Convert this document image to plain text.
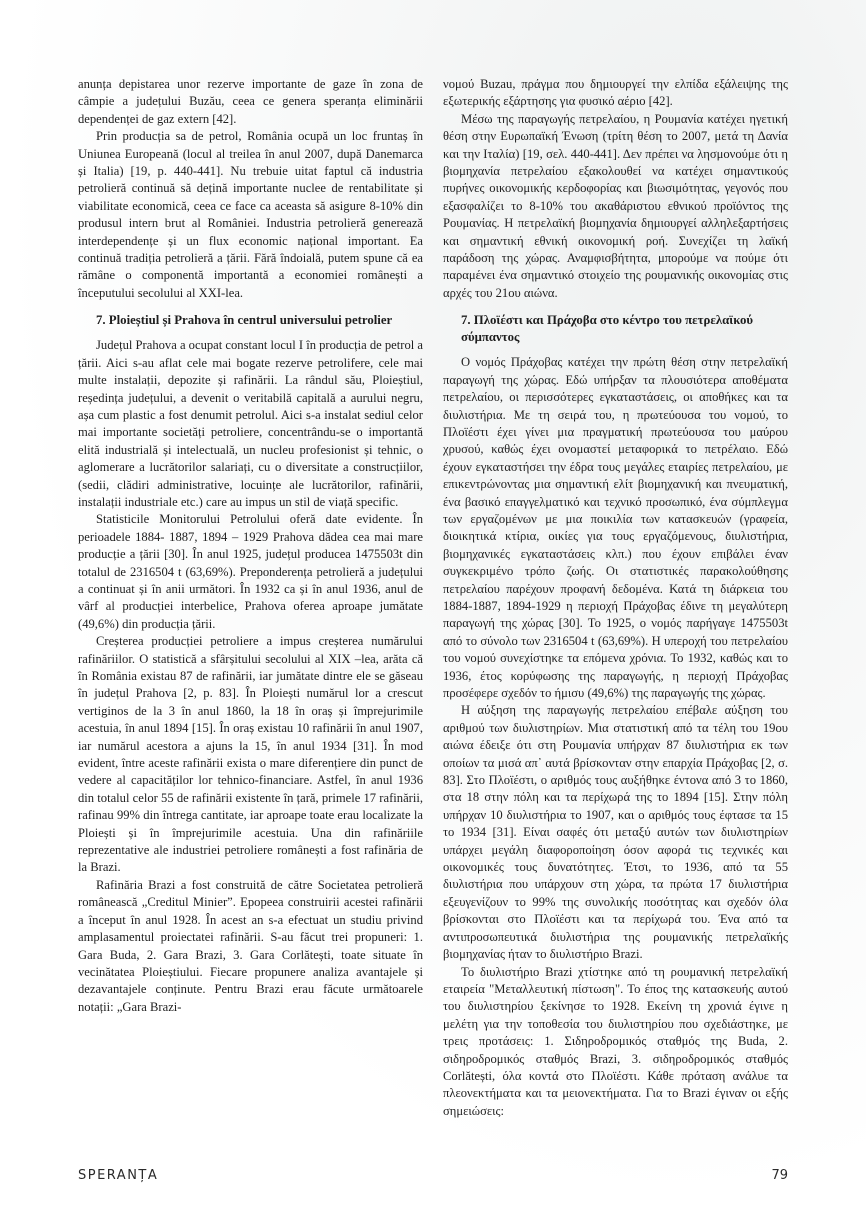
anunța depistarea unor rezerve importante de gaze în zona de câmpie a județului Buzău, ceea ce genera speranța eliminării dependenței de gaz extern [42].

Prin producția sa de petrol, România ocupă un loc fruntaș în Uniunea Europeană (locul al treilea în anul 2007, după Danemarca și Italia) [19, p. 440-441]. Nu trebuie uitat faptul că industria petrolieră continuă să dețină importante nuclee de rentabilitate și viabilitate economică, ceea ce face ca aceasta să asigure 8-10% din produsul intern brut al României. Industria petrolieră generează interdependențe și un flux economic național important. Ea continuă tradiția petrolieră a țării. Fără îndoială, putem spune că ea rămâne o componentă importantă a economiei românești a începutului secolului al XXI-lea.

7. Ploieștiul și Prahova în centrul universului petrolier

Județul Prahova a ocupat constant locul I în producția de petrol a țării. Aici s-au aflat cele mai bogate rezerve petrolifere, cele mai multe instalații, depozite și rafinării. La rândul său, Ploieștiul, reședința județului, a devenit o veritabilă capitală a aurului negru, așa cum plastic a fost denumit petrolul. Aici s-a instalat sediul celor mai importante societăți petroliere, concentrându-se o importantă elită industrială și intelectuală, un nucleu profesionist și tehnic, o aglomerare a lucrătorilor salariați, cu o diversitate a construcțiilor, (sedii, clădiri administrative, locuințe ale lucrătorilor, rafinării, instalații industriale etc.) care au impus un stil de viață specific.

Statisticile Monitorului Petrolului oferă date evidente. În perioadele 1884- 1887, 1894 – 1929 Prahova dădea cea mai mare producție a țării [30]. În anul 1925, județul producea 1475503t din totalul de 2316504 t (63,69%). Preponderența petrolieră a județului a continuat și în anii următori. În 1932 ca și în anul 1936, anul de vârf al producției interbelice, Prahova oferea aproape jumătate (49,6%) din producția țării.

Creșterea producției petroliere a impus creșterea numărului rafinăriilor. O statistică a sfârșitului secolului al XIX –lea, arăta că în România existau 87 de rafinării, iar jumătate dintre ele se găseau în județul Prahova [2, p. 83]. În Ploiești numărul lor a crescut vertiginos de la 3 în anul 1860, la 18 în oraș și împrejurimile acestuia, în anul 1894 [15]. În oraș existau 10 rafinării în anul 1907, iar numărul acestora a ajuns la 15, în anul 1934 [31]. În mod evident, între aceste rafinării exista o mare diferențiere din punct de vedere al capacităților lor tehnico-financiare. Astfel, în anul 1936 din totalul celor 55 de rafinării existente în țară, primele 17 rafinării, rafinau 99% din întrega cantitate, iar aproape toate erau localizate la Ploiești și în împrejurimile acestuia. Una din rafinăriile reprezentative ale industriei petroliere românești a fost rafinăria de la Brazi.

Rafinăria Brazi a fost construită de către Societatea petrolieră românească „Creditul Minier”. Epopeea construirii acestei rafinării a început în anul 1928. În acest an s-a efectuat un studiu privind amplasamentul proiectatei rafinării. S-au făcut trei propuneri: 1. Gara Buda, 2. Gara Brazi, 3. Gara Corlătești, toate situate în vecinătatea Ploieștiului. Fiecare propunere analiza avantajele și dezavantajele conținute. Pentru Brazi erau făcute următoarele notații: „Gara Brazi-

νομού Buzau, πράγμα που δημιουργεί την ελπίδα εξάλειψης της εξωτερικής εξάρτησης για φυσικό αέριο [42].

Μέσω της παραγωγής πετρελαίου, η Ρουμανία κατέχει ηγετική θέση στην Ευρωπαϊκή Ένωση (τρίτη θέση το 2007, μετά τη Δανία και την Ιταλία) [19, σελ. 440-441]. Δεν πρέπει να λησμονούμε ότι η βιομηχανία πετρελαίου εξακολουθεί να κατέχει σημαντικούς πυρήνες οικονομικής κερδοφορίας και βιωσιμότητας, γεγονός που εξασφαλίζει το 8-10% του ακαθάριστου εθνικού προϊόντος της Ρουμανίας. Η πετρελαϊκή βιομηχανία δημιουργεί αλληλεξαρτήσεις και σημαντική εθνική οικονομική ροή. Συνεχίζει τη λαϊκή παράδοση της χώρας. Αναμφισβήτητα, μπορούμε να πούμε ότι παραμένει ένα σημαντικό στοιχείο της ρουμανικής οικονομίας στις αρχές του 21ου αιώνα.

7. Πλοϊέστι και Πράχοβα στο κέντρο του πετρελαϊκού σύμπαντος

Ο νομός Πράχοβας κατέχει την πρώτη θέση στην πετρελαϊκή παραγωγή της χώρας. Εδώ υπήρξαν τα πλουσιότερα αποθέματα πετρελαίου, οι περισσότερες εγκαταστάσεις, οι αποθήκες και τα διυλιστήρια. Με τη σειρά του, η πρωτεύουσα του νομού, το Πλοϊέστι έχει γίνει μια πραγματική πρωτεύουσα του μαύρου χρυσού, καθώς έχει ονομαστεί μεταφορικά το πετρέλαιο. Εδώ έχουν εγκαταστήσει την έδρα τους μεγάλες εταιρίες πετρελαίου, με επικεντρώνοντας μια σημαντική ελίτ βιομηχανική και πνευματική, ένα βασικό επαγγελματικό και τεχνικό προσωπικό, ένα σύμπλεγμα των εργαζομένων με μια ποικιλία των κατασκευών (γραφεία, διοικητικά κτίρια, οικίες για τους εργαζόμενους, διυλιστήρια, βιομηχανικές εγκαταστάσεις κλπ.) που έχουν επιβάλει έναν συγκεκριμένο τρόπο ζωής. Οι στατιστικές παρακολούθησης πετρελαίου παρέχουν προφανή δεδομένα. Κατά τη διάρκεια του 1884-1887, 1894-1929 η περιοχή Πράχοβας έδινε τη μεγαλύτερη παραγωγή της χώρας [30]. Το 1925, ο νομός παρήγαγε 1475503t από το σύνολο των 2316504 t (63,69%). Η υπεροχή του πετρελαίου του νομού συνεχίστηκε τα επόμενα χρόνια. Το 1932, καθώς και το 1936, έτος κορύφωσης της παραγωγής, η περιοχή Πράχοβας προσέφερε σχεδόν το ήμισυ (49,6%) της παραγωγής της χώρας.

Η αύξηση της παραγωγής πετρελαίου επέβαλε αύξηση του αριθμού των διυλιστηρίων. Μια στατιστική από τα τέλη του 19ου αιώνα έδειξε ότι στη Ρουμανία υπήρχαν 87 διυλιστήρια εκ των οποίων τα μισά απ᾽ αυτά βρίσκονταν στην επαρχία Πράχοβας [2, σ. 83]. Στο Πλοϊέστι, ο αριθμός τους αυξήθηκε έντονα από 3 το 1860, στα 18 στην πόλη και τα περίχωρά της το 1894 [15]. Στην πόλη υπήρχαν 10 διυλιστήρια το 1907, και ο αριθμός τους έφτασε τα 15 το 1934 [31]. Είναι σαφές ότι μεταξύ αυτών των διυλιστηρίων υπάρχει μεγάλη διαφοροποίηση όσον αφορά τις τεχνικές και οικονομικές τους δυνατότητες. Έτσι, το 1936, από τα 55 διυλιστήρια που υπάρχουν στη χώρα, τα πρώτα 17 διυλιστήρια εξευγενίζουν το 99% της συνολικής ποσότητας και σχεδόν όλα βρίσκονται στο Πλοϊέστι και τα περίχωρά του. Ένα από τα αντιπροσωπευτικά διυλιστήρια της ρουμανικής πετρελαϊκής βιομηχανίας ήταν το διυλιστήριο Brazi.

Το διυλιστήριο Brazi χτίστηκε από τη ρουμανική πετρελαϊκή εταιρεία "Μεταλλευτική πίστωση". Το έπος της κατασκευής αυτού του διυλιστηρίου ξεκίνησε το 1928. Εκείνη τη χρονιά έγινε η μελέτη για την τοποθεσία του διυλιστηρίου που σχεδιάστηκε, με τρεις προτάσεις: 1. Σιδηροδρομικός σταθμός της Buda, 2. σιδηροδρομικός σταθμός Brazi, 3. σιδηροδρομικός σταθμός Corlătești, όλα κοντά στο Πλοϊέστι. Κάθε πρόταση ανάλυε τα πλεονεκτήματα και τα μειονεκτήματα. Για το Brazi έγιναν οι εξής σημειώσεις:

SPERANȚA	79
